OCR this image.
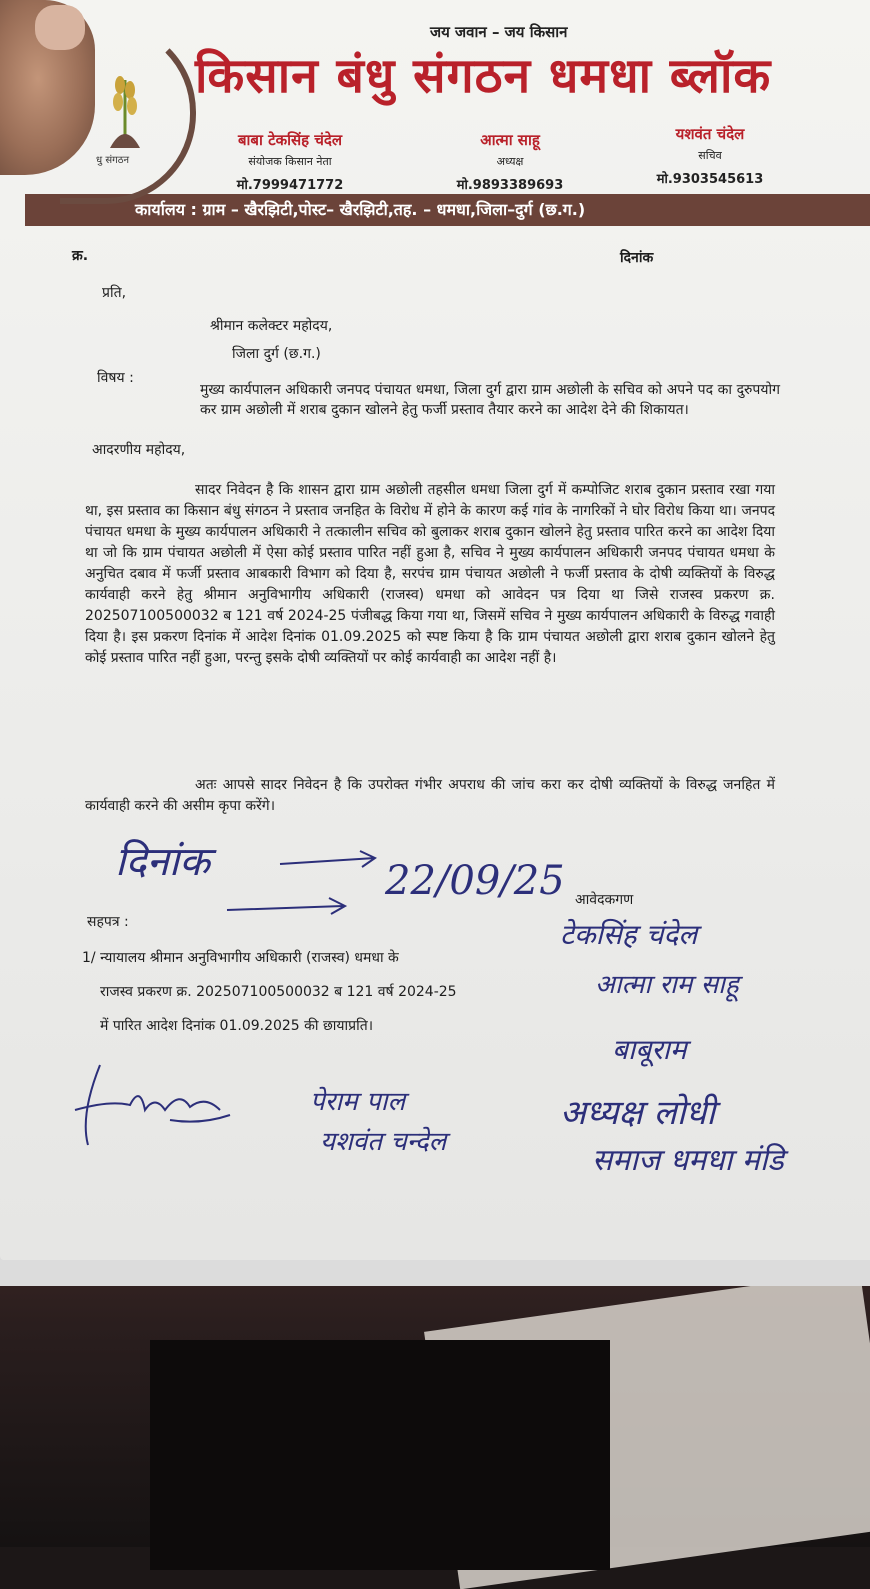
धु संगठन
जय जवान – जय किसान
किसान बंधु संगठन धमधा ब्लॉक
बाबा टेकसिंह चंदेल
संयोजक किसान नेता
मो.7999471772
आत्मा साहू
अध्यक्ष
मो.9893389693
यशवंत चंदेल
सचिव
मो.9303545613
कार्यालय : ग्राम – खैरझिटी,पोस्ट– खैरझिटी,तह. – धमधा,जिला–दुर्ग (छ.ग.)
क्र.	दिनांक
प्रति,
श्रीमान कलेक्टर महोदय,
जिला दुर्ग (छ.ग.)
विषय :
मुख्य कार्यपालन अधिकारी जनपद पंचायत धमधा, जिला दुर्ग द्वारा ग्राम अछोली के सचिव को अपने पद का दुरुपयोग कर ग्राम अछोली में शराब दुकान खोलने हेतु फर्जी प्रस्ताव तैयार करने का आदेश देने की शिकायत।
आदरणीय महोदय,
सादर निवेदन है कि शासन द्वारा ग्राम अछोली तहसील धमधा जिला दुर्ग में कम्पोजिट शराब दुकान प्रस्ताव रखा गया था, इस प्रस्ताव का किसान बंधु संगठन ने प्रस्ताव जनहित के विरोध में होने के कारण कई गांव के नागरिकों ने घोर विरोध किया था। जनपद पंचायत धमधा के मुख्य कार्यपालन अधिकारी ने तत्कालीन सचिव को बुलाकर शराब दुकान खोलने हेतु प्रस्ताव पारित करने का आदेश दिया था जो कि ग्राम पंचायत अछोली में ऐसा कोई प्रस्ताव पारित नहीं हुआ है, सचिव ने मुख्य कार्यपालन अधिकारी जनपद पंचायत धमधा के अनुचित दबाव में फर्जी प्रस्ताव आबकारी विभाग को दिया है, सरपंच ग्राम पंचायत अछोली ने फर्जी प्रस्ताव के दोषी व्यक्तियों के विरुद्ध कार्यवाही करने हेतु श्रीमान अनुविभागीय अधिकारी (राजस्व) धमधा को आवेदन पत्र दिया था जिसे राजस्व प्रकरण क्र. 202507100500032 ब 121 वर्ष 2024-25 पंजीबद्ध किया गया था, जिसमें सचिव ने मुख्य कार्यपालन अधिकारी के विरुद्ध गवाही दिया है। इस प्रकरण दिनांक में आदेश दिनांक 01.09.2025 को स्पष्ट किया है कि ग्राम पंचायत अछोली द्वारा शराब दुकान खोलने हेतु कोई प्रस्ताव पारित नहीं हुआ, परन्तु इसके दोषी व्यक्तियों पर कोई कार्यवाही का आदेश नहीं है।
अतः आपसे सादर निवेदन है कि उपरोक्त गंभीर अपराध की जांच करा कर दोषी व्यक्तियों के विरुद्ध जनहित में कार्यवाही करने की असीम कृपा करेंगे।
दिनांक	22/09/25 आवेदकगण
सहपत्र :
1/ न्यायालय श्रीमान अनुविभागीय अधिकारी (राजस्व) धमधा के
राजस्व प्रकरण क्र. 202507100500032 ब 121 वर्ष 2024-25
में पारित आदेश दिनांक 01.09.2025 की छायाप्रति।
टेकसिंह चंदेल
आत्मा राम साहू
बाबूराम
पेराम पाल
यशवंत चन्देल
अध्यक्ष लोधी
समाज धमधा मंडि
